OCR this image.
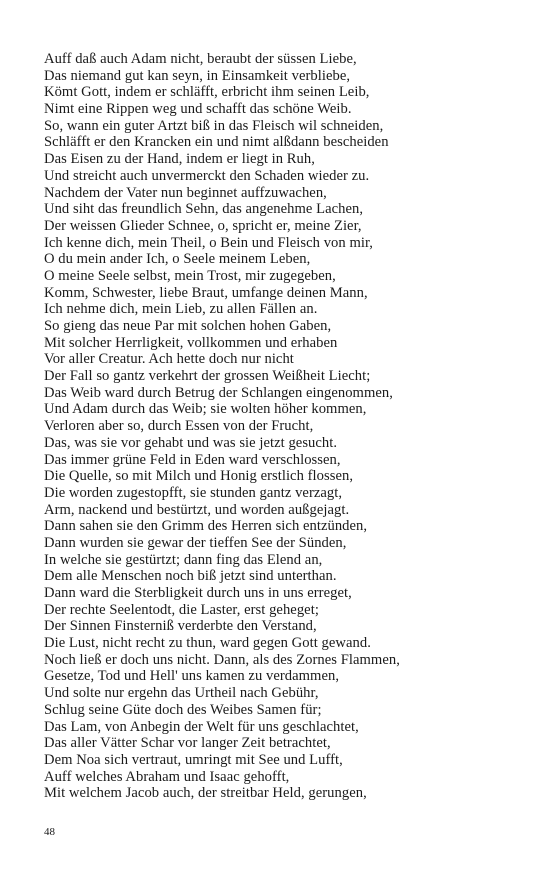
Auff daß auch Adam nicht, beraubt der süssen Liebe,
Das niemand gut kan seyn, in Einsamkeit verbliebe,
Kömt Gott, indem er schläfft, erbricht ihm seinen Leib,
Nimt eine Rippen weg und schafft das schöne Weib.
So, wann ein guter Artzt biß in das Fleisch wil schneiden,
Schläfft er den Krancken ein und nimt alßdann bescheiden
Das Eisen zu der Hand, indem er liegt in Ruh,
Und streicht auch unvermerckt den Schaden wieder zu.
Nachdem der Vater nun beginnet auffzuwachen,
Und siht das freundlich Sehn, das angenehme Lachen,
Der weissen Glieder Schnee, o, spricht er, meine Zier,
Ich kenne dich, mein Theil, o Bein und Fleisch von mir,
O du mein ander Ich, o Seele meinem Leben,
O meine Seele selbst, mein Trost, mir zugegeben,
Komm, Schwester, liebe Braut, umfange deinen Mann,
Ich nehme dich, mein Lieb, zu allen Fällen an.
So gieng das neue Par mit solchen hohen Gaben,
Mit solcher Herrligkeit, vollkommen und erhaben
Vor aller Creatur. Ach hette doch nur nicht
Der Fall so gantz verkehrt der grossen Weißheit Liecht;
Das Weib ward durch Betrug der Schlangen eingenommen,
Und Adam durch das Weib; sie wolten höher kommen,
Verloren aber so, durch Essen von der Frucht,
Das, was sie vor gehabt und was sie jetzt gesucht.
Das immer grüne Feld in Eden ward verschlossen,
Die Quelle, so mit Milch und Honig erstlich flossen,
Die worden zugestopfft, sie stunden gantz verzagt,
Arm, nackend und bestürtzt, und worden außgejagt.
Dann sahen sie den Grimm des Herren sich entzünden,
Dann wurden sie gewar der tieffen See der Sünden,
In welche sie gestürtzt; dann fing das Elend an,
Dem alle Menschen noch biß jetzt sind unterthan.
Dann ward die Sterbligkeit durch uns in uns erreget,
Der rechte Seelentodt, die Laster, erst geheget;
Der Sinnen Finsterniß verderbte den Verstand,
Die Lust, nicht recht zu thun, ward gegen Gott gewand.
Noch ließ er doch uns nicht. Dann, als des Zornes Flammen,
Gesetze, Tod und Hell' uns kamen zu verdammen,
Und solte nur ergehn das Urtheil nach Gebühr,
Schlug seine Güte doch des Weibes Samen für;
Das Lam, von Anbegin der Welt für uns geschlachtet,
Das aller Vätter Schar vor langer Zeit betrachtet,
Dem Noa sich vertraut, umringt mit See und Lufft,
Auff welches Abraham und Isaac gehofft,
Mit welchem Jacob auch, der streitbar Held, gerungen,
48
